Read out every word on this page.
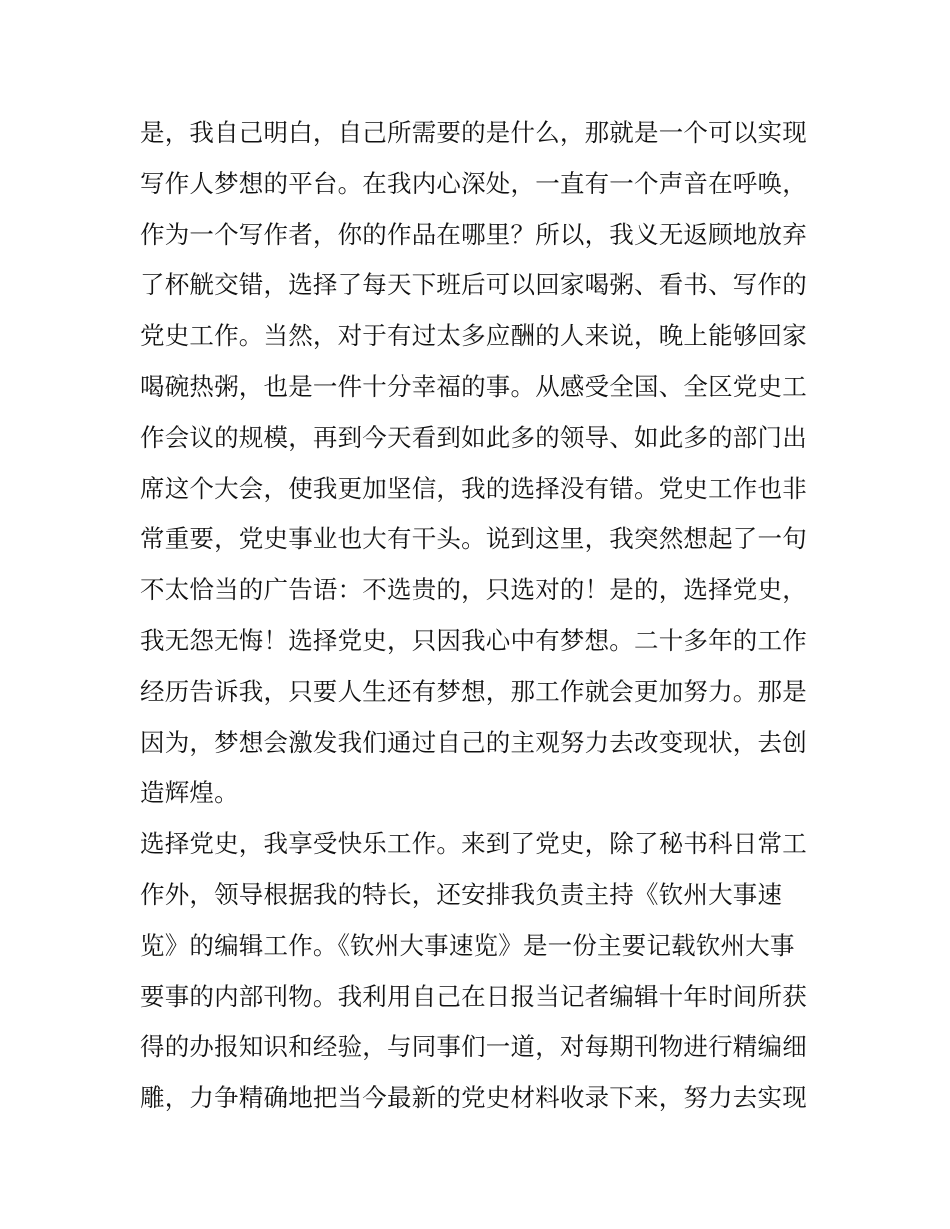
是，我自己明白，自己所需要的是什么，那就是一个可以实现
写作人梦想的平台。在我内心深处，一直有一个声音在呼唤，
作为一个写作者，你的作品在哪里？所以，我义无返顾地放弃
了杯觥交错，选择了每天下班后可以回家喝粥、看书、写作的
党史工作。当然，对于有过太多应酬的人来说，晚上能够回家
喝碗热粥，也是一件十分幸福的事。从感受全国、全区党史工
作会议的规模，再到今天看到如此多的领导、如此多的部门出
席这个大会，使我更加坚信，我的选择没有错。党史工作也非
常重要，党史事业也大有干头。说到这里，我突然想起了一句
不太恰当的广告语：不选贵的，只选对的！是的，选择党史，
我无怨无悔！选择党史，只因我心中有梦想。二十多年的工作
经历告诉我，只要人生还有梦想，那工作就会更加努力。那是
因为，梦想会激发我们通过自己的主观努力去改变现状，去创
造辉煌。
选择党史，我享受快乐工作。来到了党史，除了秘书科日常工
作外，领导根据我的特长，还安排我负责主持《钦州大事速
览》的编辑工作。《钦州大事速览》是一份主要记载钦州大事
要事的内部刊物。我利用自己在日报当记者编辑十年时间所获
得的办报知识和经验，与同事们一道，对每期刊物进行精编细
雕，力争精确地把当今最新的党史材料收录下来，努力去实现
